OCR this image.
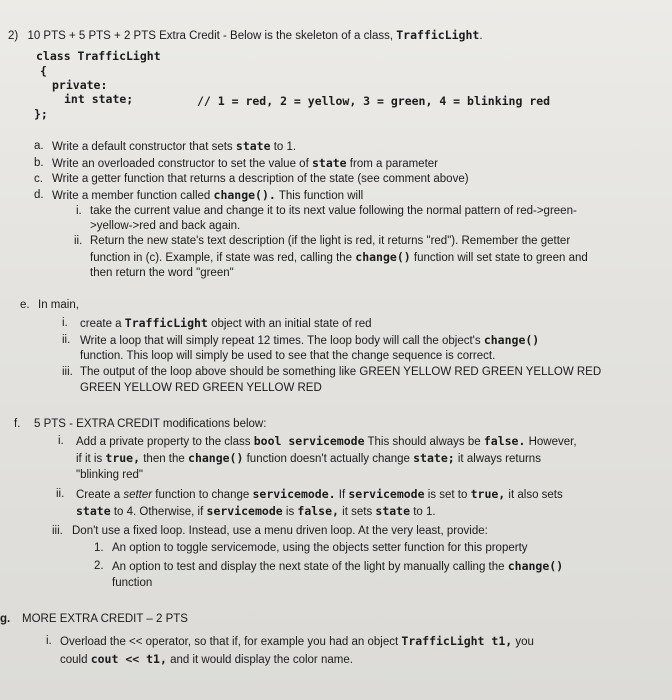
2) 10 PTS + 5 PTS + 2 PTS Extra Credit - Below is the skeleton of a class, TrafficLight.
class TrafficLight
{
private:
int state;	// 1 = red, 2 = yellow, 3 = green, 4 = blinking red
};
a. Write a default constructor that sets state to 1.
b. Write an overloaded constructor to set the value of state from a parameter
c. Write a getter function that returns a description of the state (see comment above)
d. Write a member function called change(). This function will
i. take the current value and change it to its next value following the normal pattern of red->green-
>yellow->red and back again.
ii. Return the new state's text description (if the light is red, it returns "red"). Remember the getter
function in (c). Example, if state was red, calling the change() function will set state to green and
then return the word "green"
e. In main,
i. create a TrafficLight object with an initial state of red
ii. Write a loop that will simply repeat 12 times. The loop body will call the object's change()
function. This loop will simply be used to see that the change sequence is correct.
iii. The output of the loop above should be something like GREEN YELLOW RED GREEN YELLOW RED
GREEN YELLOW RED GREEN YELLOW RED
f. 5 PTS - EXTRA CREDIT modifications below:
i. Add a private property to the class bool servicemode This should always be false. However,
if it is true, then the change() function doesn't actually change state; it always returns
"blinking red"
ii. Create a setter function to change servicemode. If servicemode is set to true, it also sets
state to 4. Otherwise, if servicemode is false, it sets state to 1.
iii. Don't use a fixed loop. Instead, use a menu driven loop. At the very least, provide:
1. An option to toggle servicemode, using the objects setter function for this property
2. An option to test and display the next state of the light by manually calling the change()
function
g. MORE EXTRA CREDIT – 2 PTS
i. Overload the << operator, so that if, for example you had an object TrafficLight t1, you
could cout << t1, and it would display the color name.
